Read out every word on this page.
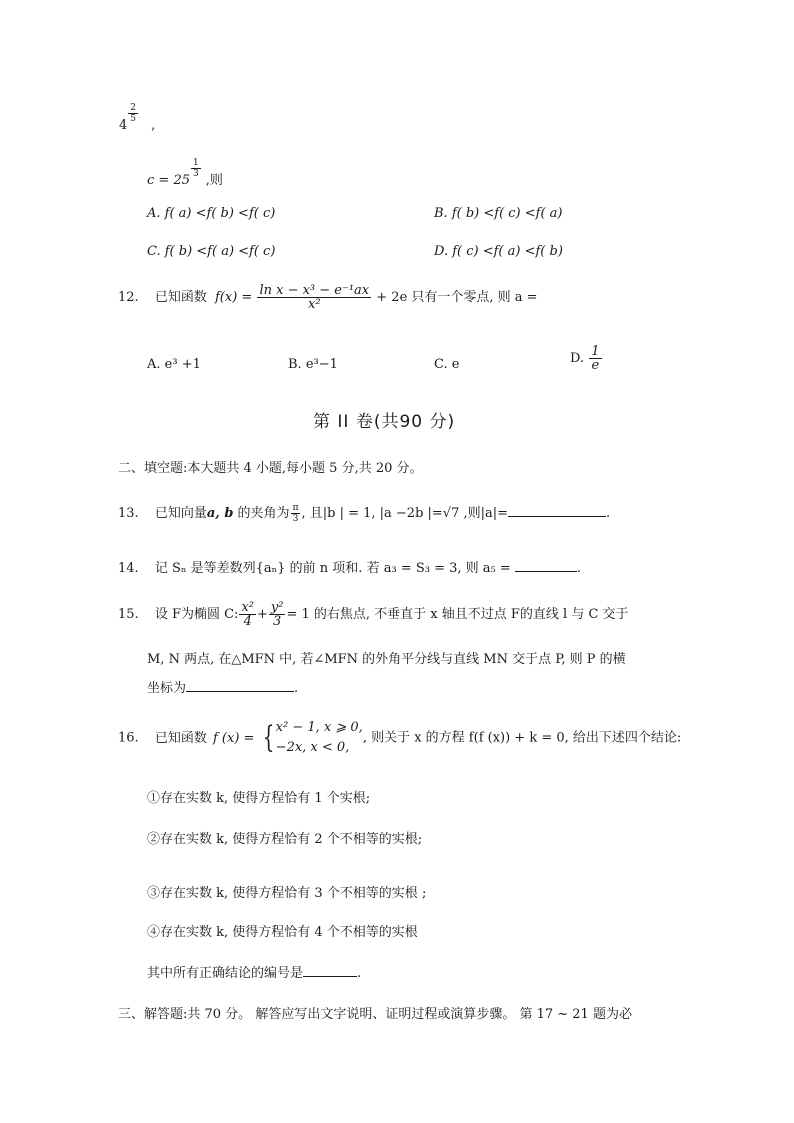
4
$\frac{2}{5}$
,
c = 25
$\frac{1}{3}$
,则
A. f( a) <f( b) <f( c)	B. f( b) <f( c) <f( a)
C. f( b) <f( a) <f( c)	D. f( c) <f( a) <f( b)
12. 已知函数 $f(x) = \frac{\text{ln x − x³ − e⁻¹ax}}{\text{x²}} + 2e$ 只有一个零点, 则 a =
A. e³ +1	B. e³−1	C. e	D. $\frac{1}{e}$
第 II 卷(共90 分)
二、填空题:本大题共 4 小题,每小题 5 分,共 20 分。
13. 已知向量a, b 的夹角为 $\frac{\pi}{3}$ , 且|b | = 1, |a −2b |=√7 ,则|a|=	.
14. 记 Sₙ 是等差数列{aₙ} 的前 n 项和. 若 a₃ = S₃ = 3, 则 a₅ =	.
15. 设 F为椭圆 C: $\frac{\text{x²}}{4} + \frac{\text{y²}}{3} = 1$ 的右焦点, 不垂直于 x 轴且不过点 F的直线 l 与 C 交于
M, N 两点, 在△MFN 中, 若∠MFN 的外角平分线与直线 MN 交于点 P, 则 P 的横
坐标为	.
16. 已知函数 f (x) = { x² − 1, x ⩾ 0,
−2x, x < 0,
, 则关于 x 的方程 f(f (x)) + k = 0, 给出下述四个结论:
①存在实数 k, 使得方程恰有 1 个实根;
②存在实数 k, 使得方程恰有 2 个不相等的实根;
③存在实数 k, 使得方程恰有 3 个不相等的实根 ;
④存在实数 k, 使得方程恰有 4 个不相等的实根
其中所有正确结论的编号是	.
三、解答题:共 70 分。 解答应写出文字说明、证明过程或演算步骤。 第 17 ~ 21 题为必
